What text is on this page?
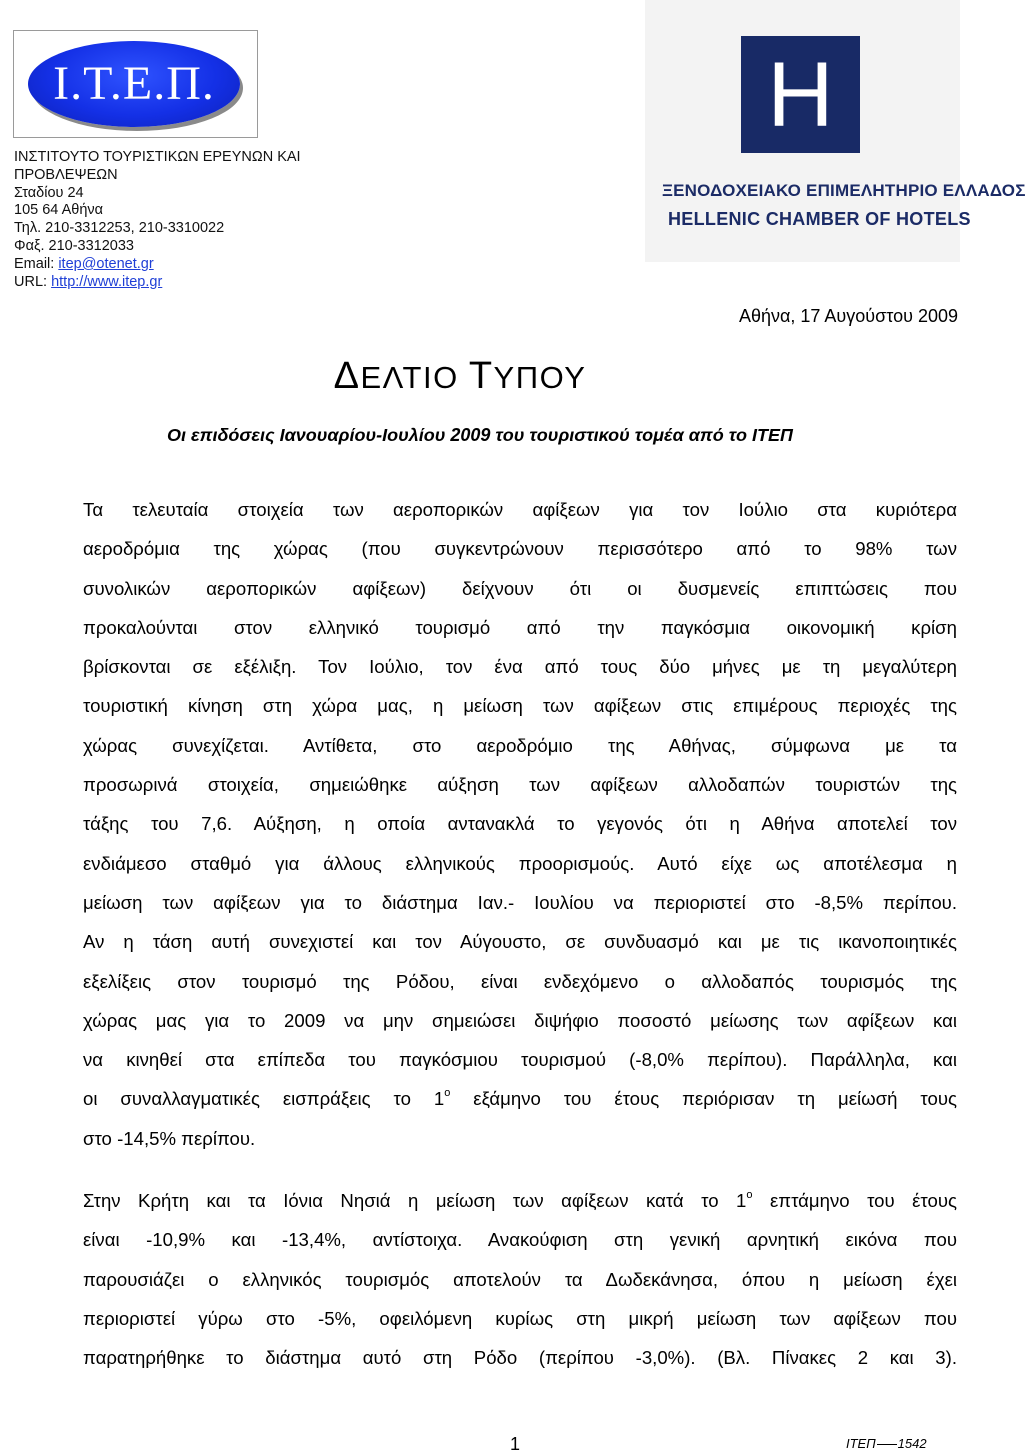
Ι.Τ.Ε.Π.
ΙΝΣΤΙΤΟΥΤΟ ΤΟΥΡΙΣΤΙΚΩΝ ΕΡΕΥΝΩΝ ΚΑΙ
ΠΡΟΒΛΕΨΕΩΝ
Σταδίου 24
105 64 Αθήνα
Τηλ. 210-3312253, 210-3310022
Φαξ. 210-3312033
Email: itep@otenet.gr
URL: http://www.itep.gr
Η
ΞΕΝΟΔΟΧΕΙΑΚΟ ΕΠΙΜΕΛΗΤΗΡΙΟ ΕΛΛΑΔΟΣ
HELLENIC CHAMBER OF HOTELS
Αθήνα, 17 Αυγούστου 2009
ΔΕΛΤΙΟ ΤΥΠΟΥ
Οι επιδόσεις Ιανουαρίου-Ιουλίου 2009 του τουριστικού τομέα από το ΙΤΕΠ
Τα τελευταία στοιχεία των αεροπορικών αφίξεων για τον Ιούλιο στα κυριότερα
αεροδρόμια της χώρας (που συγκεντρώνουν περισσότερο από το 98% των
συνολικών αεροπορικών αφίξεων) δείχνουν ότι οι δυσμενείς επιπτώσεις που
προκαλούνται στον ελληνικό τουρισμό από την παγκόσμια οικονομική κρίση
βρίσκονται σε εξέλιξη. Τον Ιούλιο, τον ένα από τους δύο μήνες με τη μεγαλύτερη
τουριστική κίνηση στη χώρα μας, η μείωση των αφίξεων στις επιμέρους περιοχές της
χώρας συνεχίζεται. Αντίθετα, στο αεροδρόμιο της Αθήνας, σύμφωνα με τα
προσωρινά στοιχεία, σημειώθηκε αύξηση των αφίξεων αλλοδαπών τουριστών της
τάξης του 7,6. Αύξηση, η οποία αντανακλά το γεγονός ότι η Αθήνα αποτελεί τον
ενδιάμεσο σταθμό για άλλους ελληνικούς προορισμούς. Αυτό είχε ως αποτέλεσμα η
μείωση των αφίξεων για το διάστημα Ιαν.- Ιουλίου να περιοριστεί στο -8,5% περίπου.
Αν η τάση αυτή συνεχιστεί και τον Αύγουστο, σε συνδυασμό και με τις ικανοποιητικές
εξελίξεις στον τουρισμό της Ρόδου, είναι ενδεχόμενο ο αλλοδαπός τουρισμός της
χώρας μας για το 2009 να μην σημειώσει διψήφιο ποσοστό μείωσης των αφίξεων και
να κινηθεί στα επίπεδα του παγκόσμιου τουρισμού (-8,0% περίπου). Παράλληλα, και
οι συναλλαγματικές εισπράξεις το $1^o$ εξάμηνο του έτους περιόρισαν τη μείωσή τους
στο -14,5% περίπου.
Στην Κρήτη και τα Ιόνια Νησιά η μείωση των αφίξεων κατά το $1^o$ επτάμηνο του έτους
είναι -10,9% και -13,4%, αντίστοιχα. Ανακούφιση στη γενική αρνητική εικόνα που
παρουσιάζει ο ελληνικός τουρισμός αποτελούν τα Δωδεκάνησα, όπου η μείωση έχει
περιοριστεί γύρω στο -5%, οφειλόμενη κυρίως στη μικρή μείωση των αφίξεων που
παρατηρήθηκε το διάστημα αυτό στη Ρόδο (περίπου -3,0%). (Βλ. Πίνακες 2 και 3).
1	ΙΤΕΠ 1542
